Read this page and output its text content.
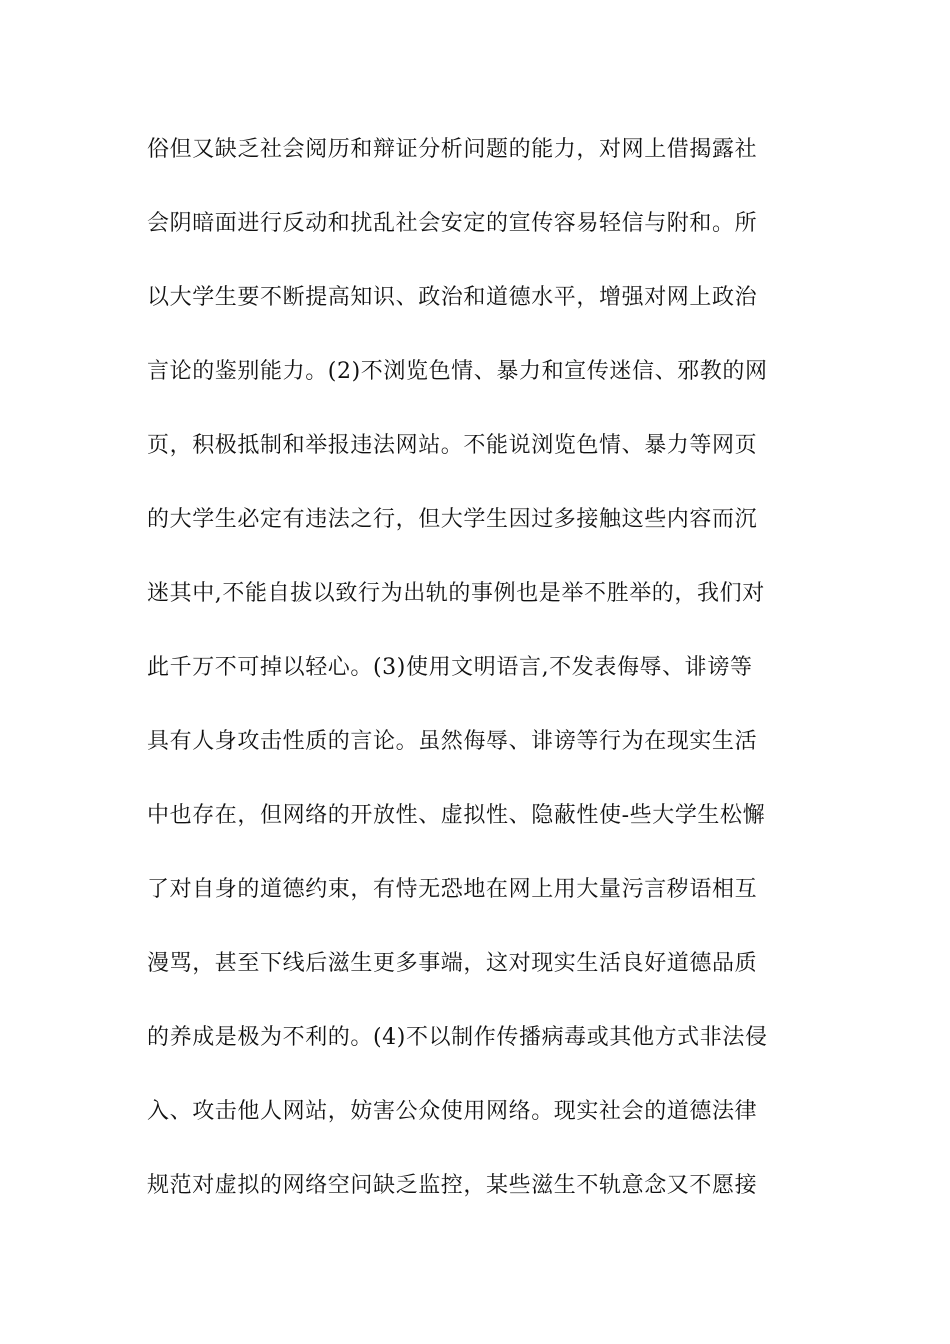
俗但又缺乏社会阅历和辩证分析问题的能力，对网上借揭露社
会阴暗面进行反动和扰乱社会安定的宣传容易轻信与附和。所
以大学生要不断提高知识、政治和道德水平，增强对网上政治
言论的鉴别能力。(2)不浏览色情、暴力和宣传迷信、邪教的网
页，积极抵制和举报违法网站。不能说浏览色情、暴力等网页
的大学生必定有违法之行，但大学生因过多接触这些内容而沉
迷其中,不能自拔以致行为出轨的事例也是举不胜举的，我们对
此千万不可掉以轻心。(3)使用文明语言,不发表侮辱、诽谤等
具有人身攻击性质的言论。虽然侮辱、诽谤等行为在现实生活
中也存在，但网络的开放性、虚拟性、隐蔽性使-些大学生松懈
了对自身的道德约束，有恃无恐地在网上用大量污言秽语相互
漫骂，甚至下线后滋生更多事端，这对现实生活良好道德品质
的养成是极为不利的。(4)不以制作传播病毒或其他方式非法侵
入、攻击他人网站，妨害公众使用网络。现实社会的道德法律
规范对虚拟的网络空问缺乏监控，某些滋生不轨意念又不愿接
